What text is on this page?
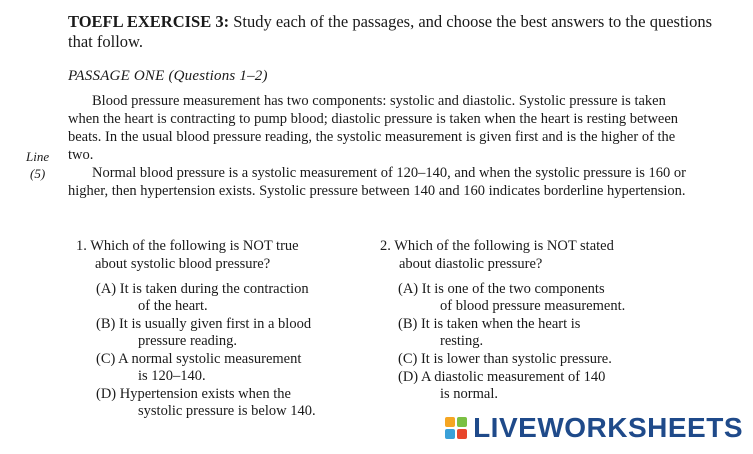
TOEFL EXERCISE 3: Study each of the passages, and choose the best answers to the questions that follow.
PASSAGE ONE (Questions 1–2)
Blood pressure measurement has two components: systolic and diastolic. Systolic pressure is taken when the heart is contracting to pump blood; diastolic pressure is taken when the heart is resting between beats. In the usual blood pressure reading, the systolic measurement is given first and is the higher of the two.
Normal blood pressure is a systolic measurement of 120–140, and when the systolic pressure is 160 or higher, then hypertension exists. Systolic pressure between 140 and 160 indicates borderline hypertension.
Line
(5)
1. Which of the following is NOT true
about systolic blood pressure?
(A) It is taken during the contraction
of the heart.
(B) It is usually given first in a blood
pressure reading.
(C) A normal systolic measurement
is 120–140.
(D) Hypertension exists when the
systolic pressure is below 140.
2. Which of the following is NOT stated
about diastolic pressure?
(A) It is one of the two components
of blood pressure measurement.
(B) It is taken when the heart is
resting.
(C) It is lower than systolic pressure.
(D) A diastolic measurement of 140
is normal.
LIVEWORKSHEETS
